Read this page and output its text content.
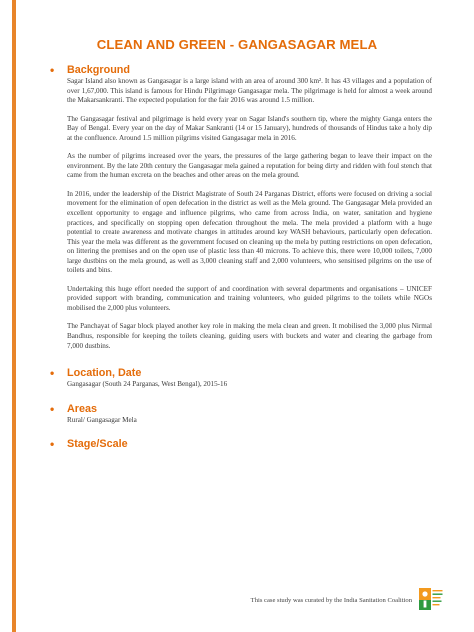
CLEAN AND GREEN - GANGASAGAR MELA
• Background

Sagar Island also known as Gangasagar is a large island with an area of around 300 km². It has 43 villages and a population of over 1,67,000. This island is famous for Hindu Pilgrimage Gangasagar mela. The pilgrimage is held for almost a week around the Makarsankranti. The expected population for the fair 2016 was around 1.5 million.

The Gangasagar festival and pilgrimage is held every year on Sagar Island's southern tip, where the mighty Ganga enters the Bay of Bengal. Every year on the day of Makar Sankranti (14 or 15 January), hundreds of thousands of Hindus take a holy dip at the confluence. Around 1.5 million pilgrims visited Gangasagar mela in 2016.

As the number of pilgrims increased over the years, the pressures of the large gathering began to leave their impact on the environment. By the late 20th century the Gangasagar mela gained a reputation for being dirty and ridden with foul stench that came from the human excreta on the beaches and other areas on the mela ground.

In 2016, under the leadership of the District Magistrate of South 24 Parganas District, efforts were focused on driving a social movement for the elimination of open defecation in the district as well as the Mela ground. The Gangasagar Mela provided an excellent opportunity to engage and influence pilgrims, who came from across India, on water, sanitation and hygiene practices, and specifically on stopping open defecation throughout the mela. The mela provided a platform with a huge potential to create awareness and motivate changes in attitudes around key WASH behaviours, particularly open defecation. This year the mela was different as the government focused on cleaning up the mela by putting restrictions on open defecation, on littering the premises and on the open use of plastic less than 40 microns. To achieve this, there were 10,000 toilets, 7,000 large dustbins on the mela ground, as well as 3,000 cleaning staff and 2,000 volunteers, who sensitised pilgrims on the use of toilets and bins.

Undertaking this huge effort needed the support of and coordination with several departments and organisations – UNICEF provided support with branding, communication and training volunteers, who guided pilgrims to the toilets while NGOs mobilised the 2,000 plus volunteers.

The Panchayat of Sagar block played another key role in making the mela clean and green. It mobilised the 3,000 plus Nirmal Bandhus, responsible for keeping the toilets cleaning, guiding users with buckets and water and clearing the garbage from 7,000 dustbins.

• Location, Date

Gangasagar (South 24 Parganas, West Bengal), 2015-16

• Areas

Rural/ Gangasagar Mela

• Stage/Scale
This case study was curated by the India Sanitation Coalition
